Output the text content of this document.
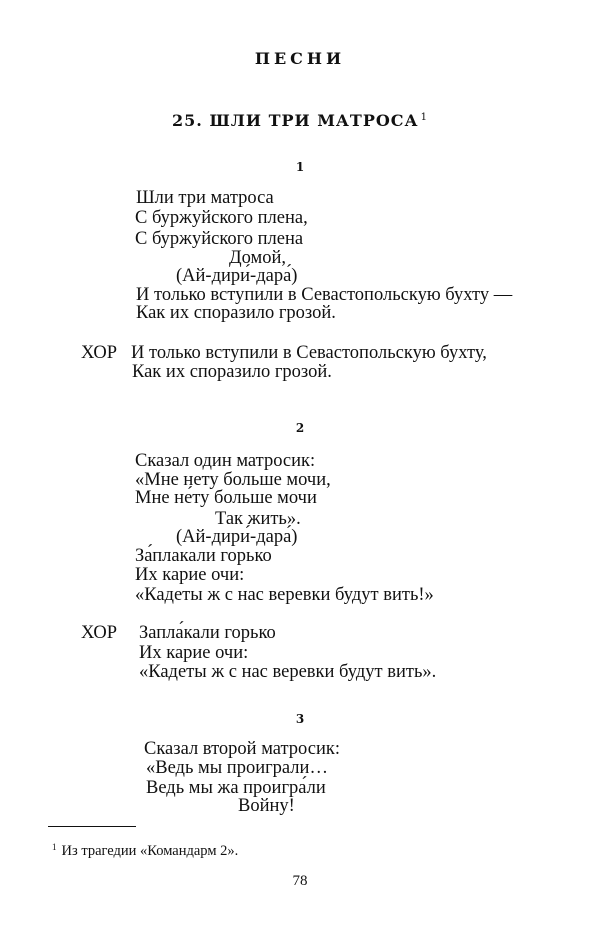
ПЕСНИ
25. ШЛИ ТРИ МАТРОСА $^1$
1
Шли три матроса
С буржуйского плена,
С буржуйского плена
Домой,
(Ай-дири́-дара́)
И только вступили в Севастопольскую бухту —
Как их споразило грозой.
ХОР И только вступили в Севастопольскую бухту,
Как их споразило грозой.
2
Сказал один матросик:
«Мне нету больше мочи,
Мне не́ту больше мочи
Так жить».
(Ай-дири́-дара́)
За́плакали горько
Их карие очи:
«Кадеты ж с нас веревки будут вить!»
ХОР Запла́кали горько
Их карие очи:
«Кадеты ж с нас веревки будут вить».
3
Сказал второй матросик:
«Ведь мы проиграли…
Ведь мы жа проигра́ли
Войну!
$^1$ Из трагедии «Командарм 2».
78
